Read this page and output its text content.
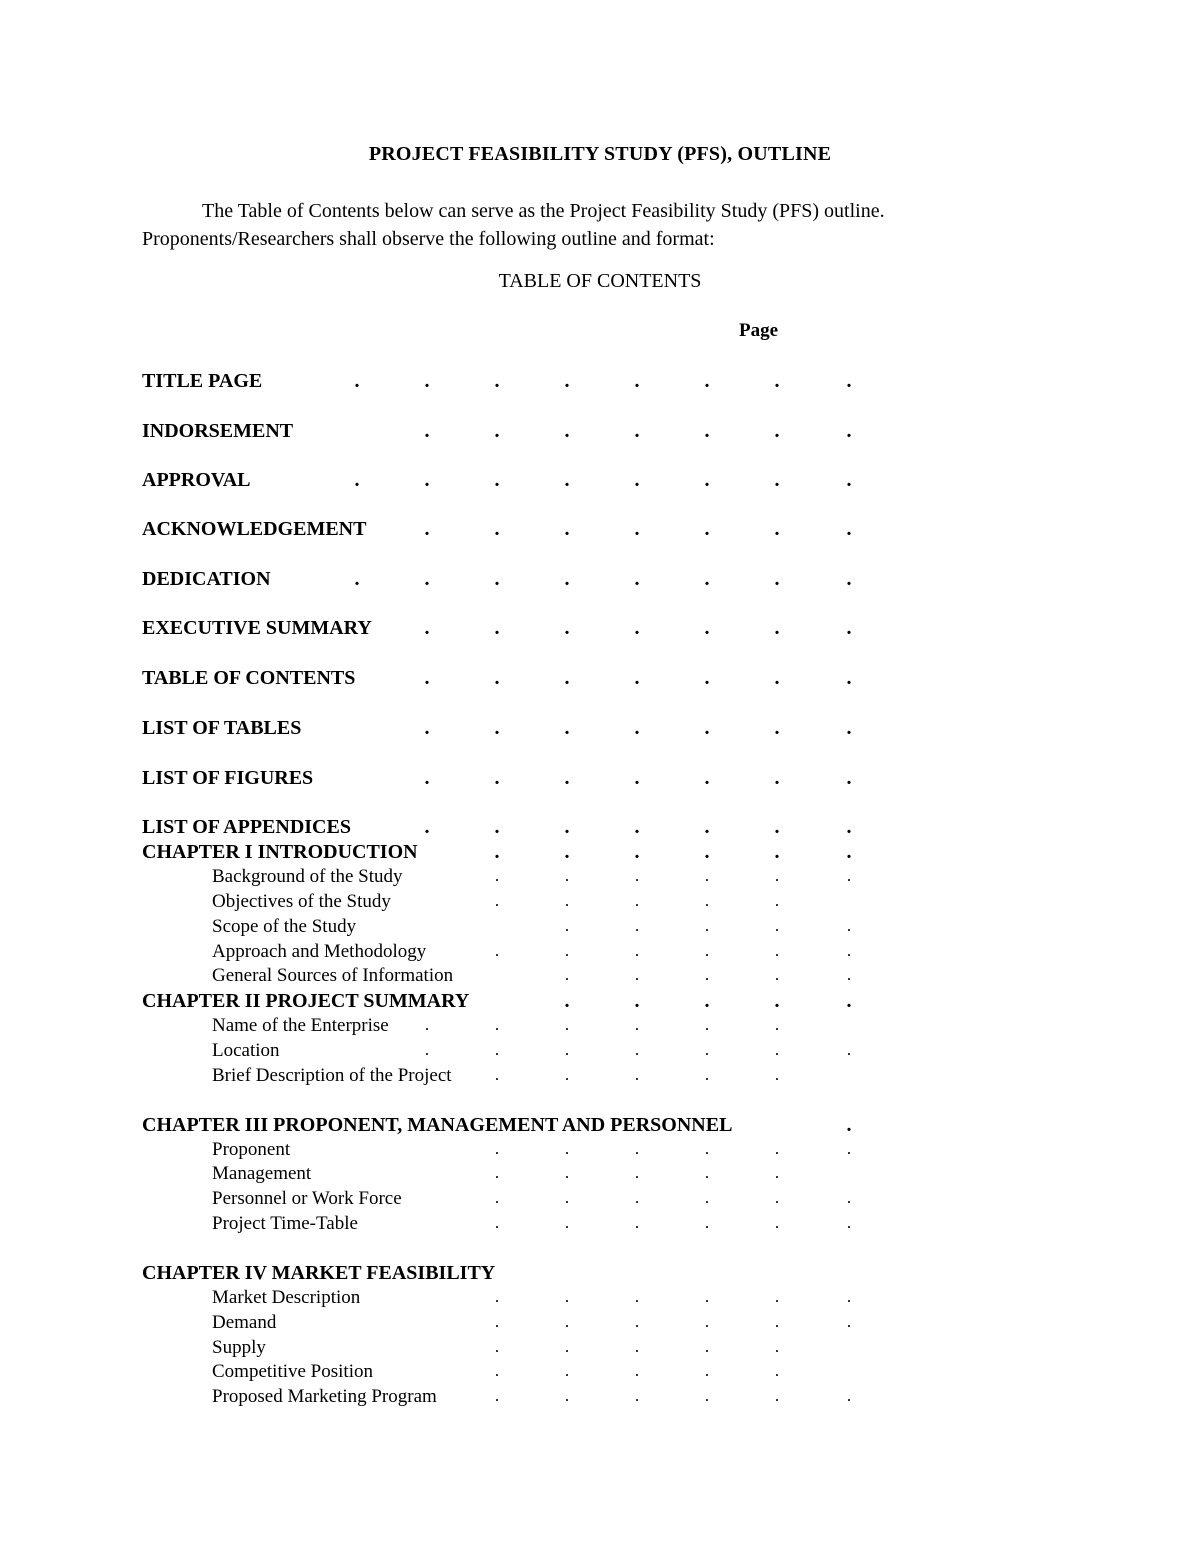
PROJECT FEASIBILITY STUDY (PFS), OUTLINE
The Table of Contents below can serve as the Project Feasibility Study (PFS) outline.
Proponents/Researchers shall observe the following outline and format:
TABLE OF CONTENTS
Page
TITLE PAGE	.	.	.	.	.	.	.	.
INDORSEMENT	.	.	.	.	.	.	.
APPROVAL	.	.	.	.	.	.	.	.
ACKNOWLEDGEMENT	.	.	.	.	.	.	.
DEDICATION	.	.	.	.	.	.	.	.
EXECUTIVE SUMMARY	.	.	.	.	.	.	.
TABLE OF CONTENTS	.	.	.	.	.	.	.
LIST OF TABLES	.	.	.	.	.	.	.
LIST OF FIGURES	.	.	.	.	.	.	.
LIST OF APPENDICES	.	.	.	.	.	.	.
CHAPTER I INTRODUCTION	.	.	.	.	.	.
Background of the Study	.	.	.	.	.	.
Objectives of the Study	.	.	.	.	.
Scope of the Study	.	.	.	.	.
Approach and Methodology	.	.	.	.	.	.
General Sources of Information	.	.	.	.	.
CHAPTER II PROJECT SUMMARY	.	.	.	.	.
Name of the Enterprise .	.	.	.	.	.
Location	.	.	.	.	.	.	.
Brief Description of the Project	.	.	.	.	.
CHAPTER III PROPONENT, MANAGEMENT AND PERSONNEL	.
Proponent	.	.	.	.	.	.
Management	.	.	.	.	.
Personnel or Work Force	.	.	.	.	.	.
Project Time-Table	.	.	.	.	.	.
CHAPTER IV MARKET FEASIBILITY
Market Description	.	.	.	.	.	.
Demand	.	.	.	.	.	.
Supply	.	.	.	.	.
Competitive Position	.	.	.	.	.
Proposed Marketing Program	.	.	.	.	.	.
